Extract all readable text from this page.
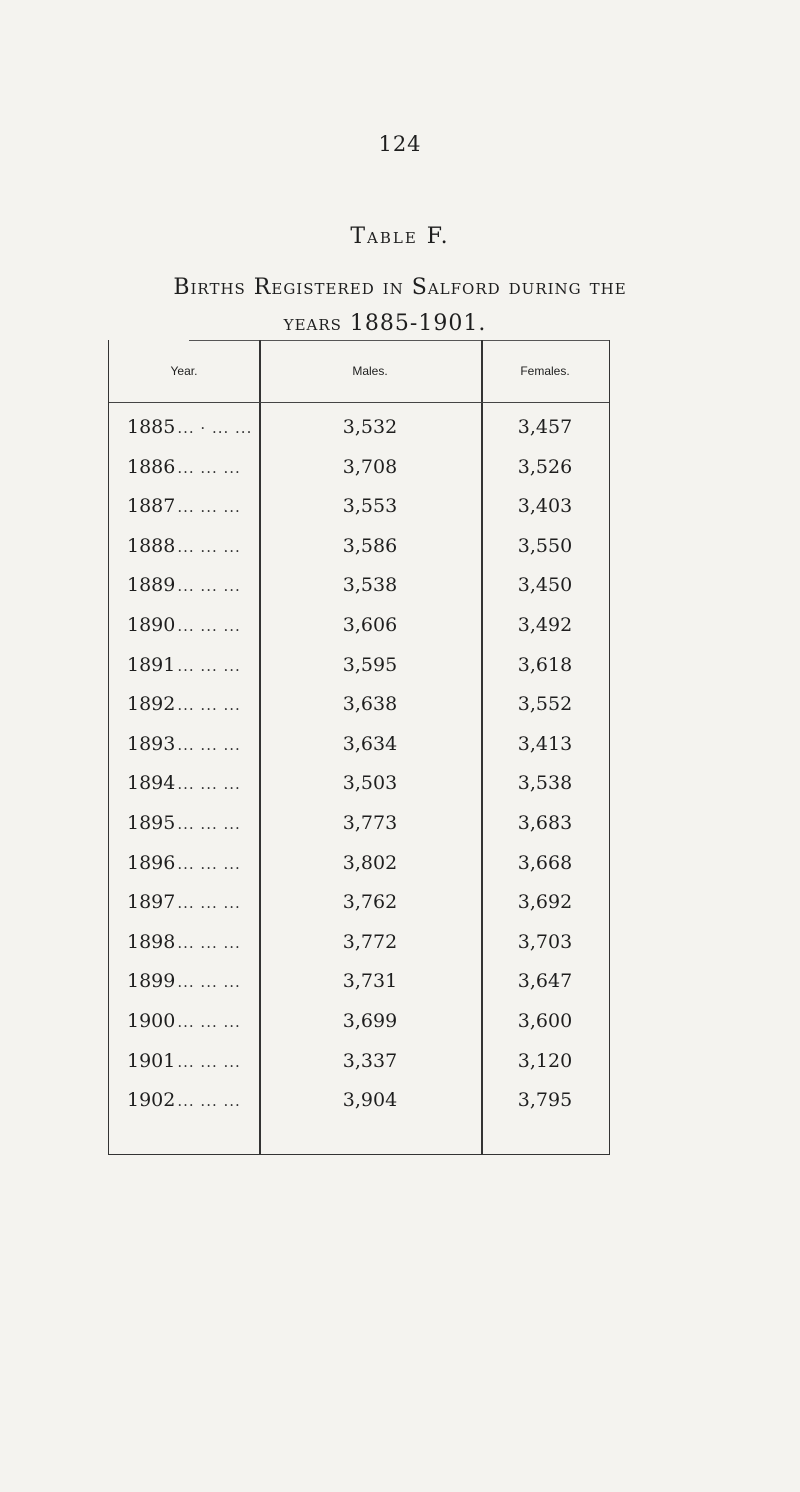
124
Table F.
Births Registered in Salford during the
years 1885-1901.
Year.	Males.	Females.
1885 ... · ... ...	3,532	3,457
1886 ... ... ...	3,708	3,526
1887 ... ... ...	3,553	3,403
1888 ... ... ...	3,586	3,550
1889 ... ... ...	3,538	3,450
1890 ... ... ...	3,606	3,492
1891 ... ... ...	3,595	3,618
1892 ... ... ...	3,638	3,552
1893 ... ... ...	3,634	3,413
1894 ... ... ...	3,503	3,538
1895 ... ... ...	3,773	3,683
1896 ... ... ...	3,802	3,668
1897 ... ... ...	3,762	3,692
1898 ... ... ...	3,772	3,703
1899 ... ... ...	3,731	3,647
1900 ... ... ...	3,699	3,600
1901 ... ... ...	3,337	3,120
1902 ... ... ...	3,904	3,795
